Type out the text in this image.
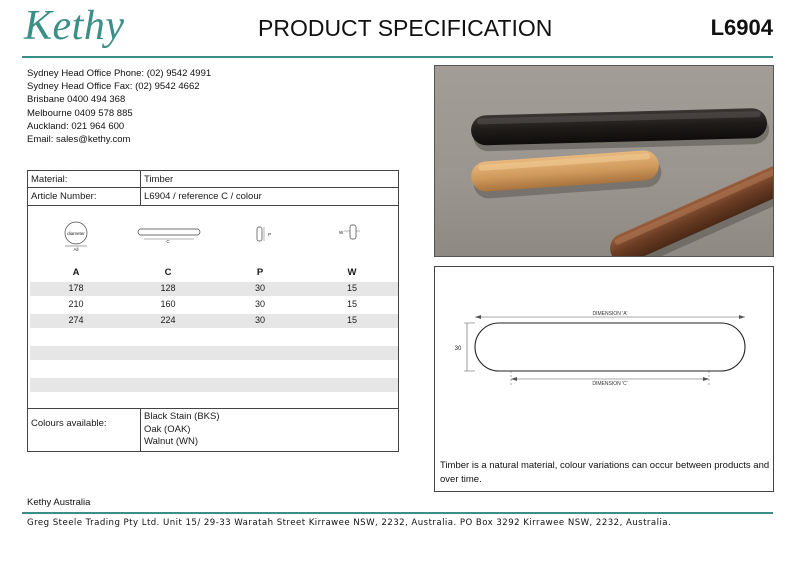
Kethy	PRODUCT SPECIFICATION	L6904
Sydney Head Office Phone: (02) 9542 4991
Sydney Head Office Fax: (02) 9542 4662
Brisbane 0400 494 368
Melbourne 0409 578 885
Auckland: 021 964 600
Email: sales@kethy.com
DIMENSION 'A'
DIMENSION 'C'
30
Timber is a natural material, colour variations can occur between products and over time.
Material:	Timber
Article Number:	L6904 / reference C / colour
diameter
All
C
P	W
A	C	P	W
178	128	30	15
210	160	30	15
274	224	30	15
Colours available:
Black Stain (BKS)
Oak (OAK)
Walnut (WN)
Kethy Australia
Greg Steele Trading Pty Ltd. Unit 15/ 29-33 Waratah Street Kirrawee NSW, 2232, Australia. PO Box 3292 Kirrawee NSW, 2232, Australia.
